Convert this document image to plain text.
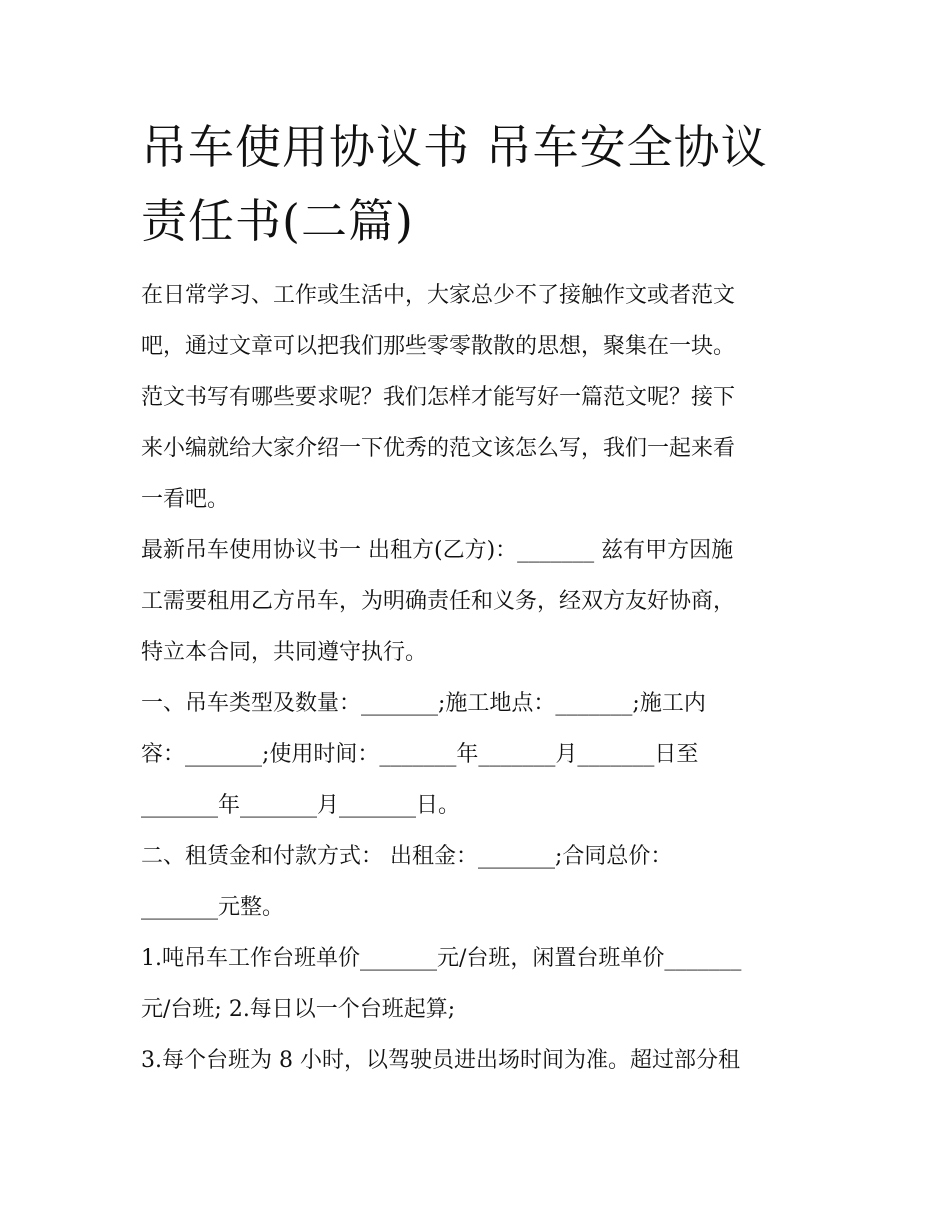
吊车使用协议书 吊车安全协议
责任书(二篇)

在日常学习、工作或生活中，大家总少不了接触作文或者范文
吧，通过文章可以把我们那些零零散散的思想，聚集在一块。
范文书写有哪些要求呢？我们怎样才能写好一篇范文呢？接下
来小编就给大家介绍一下优秀的范文该怎么写，我们一起来看
一看吧。

最新吊车使用协议书一 出租方(乙方)：_______ 兹有甲方因施
工需要租用乙方吊车，为明确责任和义务，经双方友好协商，
特立本合同，共同遵守执行。

一、吊车类型及数量：_______;施工地点：_______;施工内
容：_______;使用时间：_______年_______月_______日至
_______年_______月_______日。

二、租赁金和付款方式： 出租金：_______;合同总价：
_______元整。

1.吨吊车工作台班单价_______元/台班，闲置台班单价_______
元/台班; 2.每日以一个台班起算;

3.每个台班为 8 小时，以驾驶员进出场时间为准。超过部分租
